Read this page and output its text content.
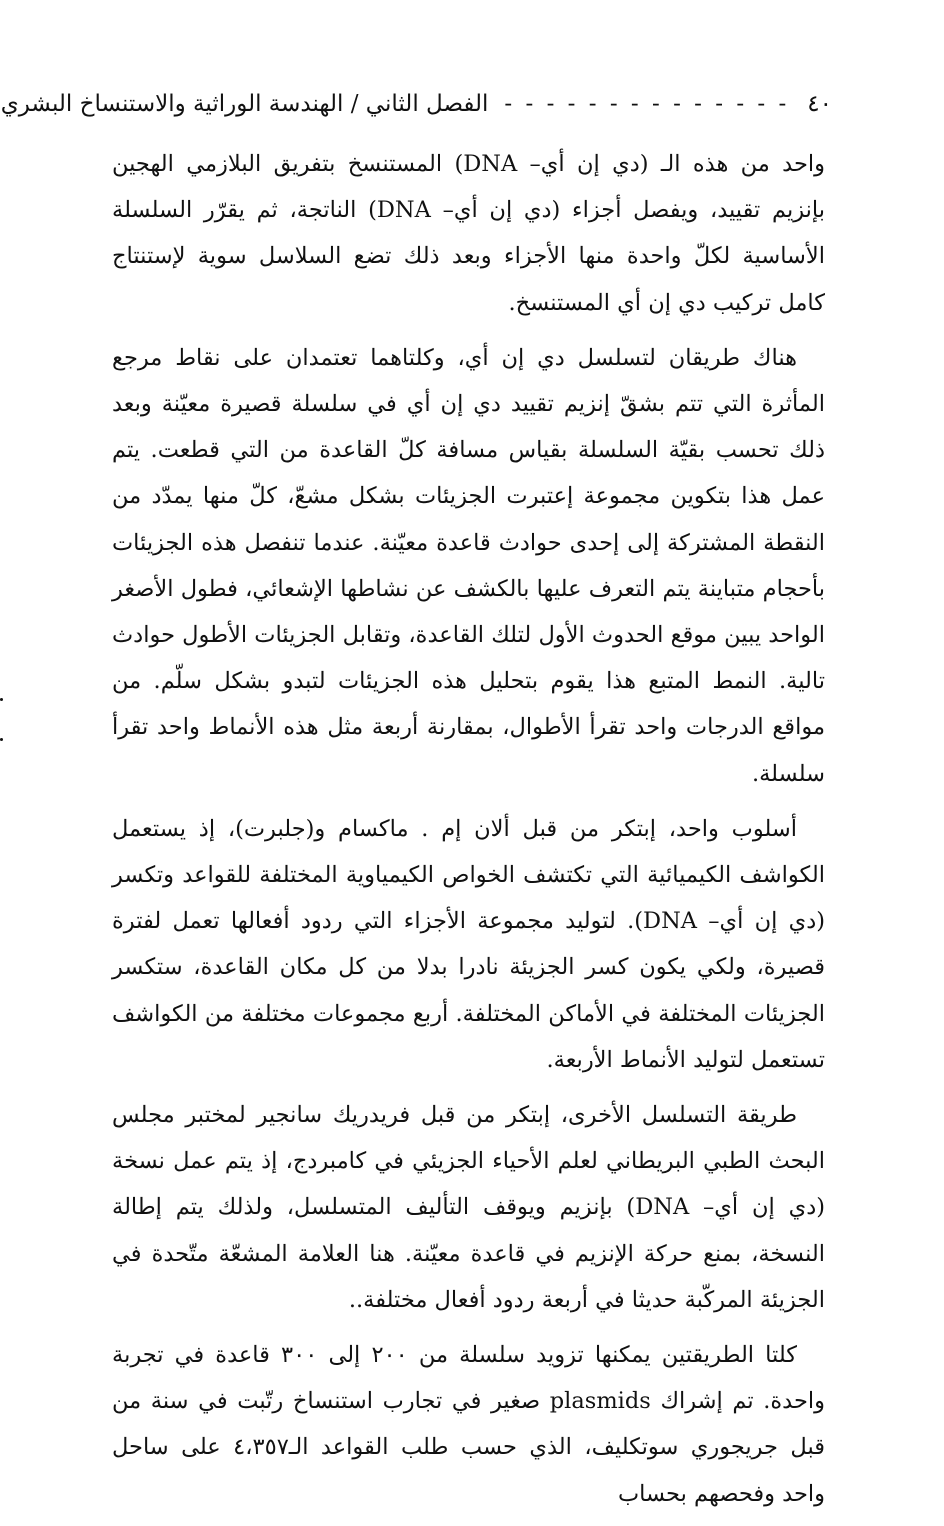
٤٠
- - - - - - - - - - - - - -
الفصل الثاني / الهندسة الوراثية والاستنساخ البشري

واحد من هذه الـ (دي إن أي– DNA) المستنسخ بتفريق البلازمي الهجين بإنزيم تقييد، ويفصل أجزاء (دي إن أي– DNA) الناتجة، ثم يقرّر السلسلة الأساسية لكلّ واحدة منها الأجزاء وبعد ذلك تضع السلاسل سوية لإستنتاج كامل تركيب دي إن أي المستنسخ.

هناك طريقان لتسلسل دي إن أي، وكلتاهما تعتمدان على نقاط مرجع المأثرة التي تتم بشقّ إنزيم تقييد دي إن أي في سلسلة قصيرة معيّنة وبعد ذلك تحسب بقيّة السلسلة بقياس مسافة كلّ القاعدة من التي قطعت. يتم عمل هذا بتكوين مجموعة إعتبرت الجزيئات بشكل مشعّ، كلّ منها يمدّد من النقطة المشتركة إلى إحدى حوادث قاعدة معيّنة. عندما تنفصل هذه الجزيئات بأحجام متباينة يتم التعرف عليها بالكشف عن نشاطها الإشعائي، فطول الأصغر الواحد يبين موقع الحدوث الأول لتلك القاعدة، وتقابل الجزيئات الأطول حوادث تالية. النمط المتبع هذا يقوم بتحليل هذه الجزيئات لتبدو بشكل سلّم. من مواقع الدرجات واحد تقرأ الأطوال، بمقارنة أربعة مثل هذه الأنماط واحد تقرأ سلسلة.

أسلوب واحد، إبتكر من قبل ألان إم . ماكسام و(جلبرت)، إذ يستعمل الكواشف الكيميائية التي تكتشف الخواص الكيمياوية المختلفة للقواعد وتكسر (دي إن أي– DNA). لتوليد مجموعة الأجزاء التي ردود أفعالها تعمل لفترة قصيرة، ولكي يكون كسر الجزيئة نادرا بدلا من كل مكان القاعدة، ستكسر الجزيئات المختلفة في الأماكن المختلفة. أربع مجموعات مختلفة من الكواشف تستعمل لتوليد الأنماط الأربعة.

طريقة التسلسل الأخرى، إبتكر من قبل فريدريك سانجير لمختبر مجلس البحث الطبي البريطاني لعلم الأحياء الجزيئي في كامبردج، إذ يتم عمل نسخة (دي إن أي– DNA) بإنزيم ويوقف التأليف المتسلسل، ولذلك يتم إطالة النسخة، بمنع حركة الإنزيم في قاعدة معيّنة. هنا العلامة المشعّة متّحدة في الجزيئة المركّبة حديثا في أربعة ردود أفعال مختلفة..

كلتا الطريقتين يمكنها تزويد سلسلة من ٢٠٠ إلى ٣٠٠ قاعدة في تجربة واحدة. تم إشراك plasmids صغير في تجارب استنساخ رتّبت في سنة من قبل جريجوري سوتكليف، الذي حسب طلب القواعد الـ٤،٣٥٧ على ساحل واحد وفحصهم بحساب
